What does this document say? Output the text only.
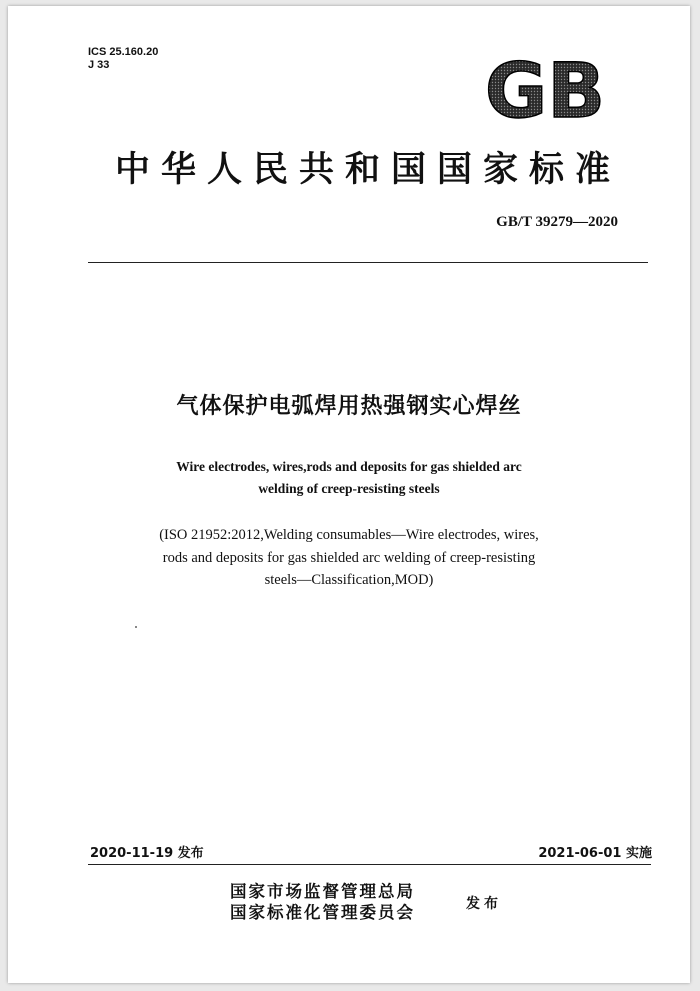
ICS 25.160.20
J 33	GB
中华人民共和国国家标准
GB/T 39279—2020
气体保护电弧焊用热强钢实心焊丝
Wire electrodes, wires,rods and deposits for gas shielded arc
welding of creep-resisting steels
(ISO 21952:2012,Welding consumables—Wire electrodes, wires,
rods and deposits for gas shielded arc welding of creep-resisting
steels—Classification,MOD)
2020-11-19 发布	2021-06-01 实施
国家市场监督管理总局
国家标准化管理委员会	发布
